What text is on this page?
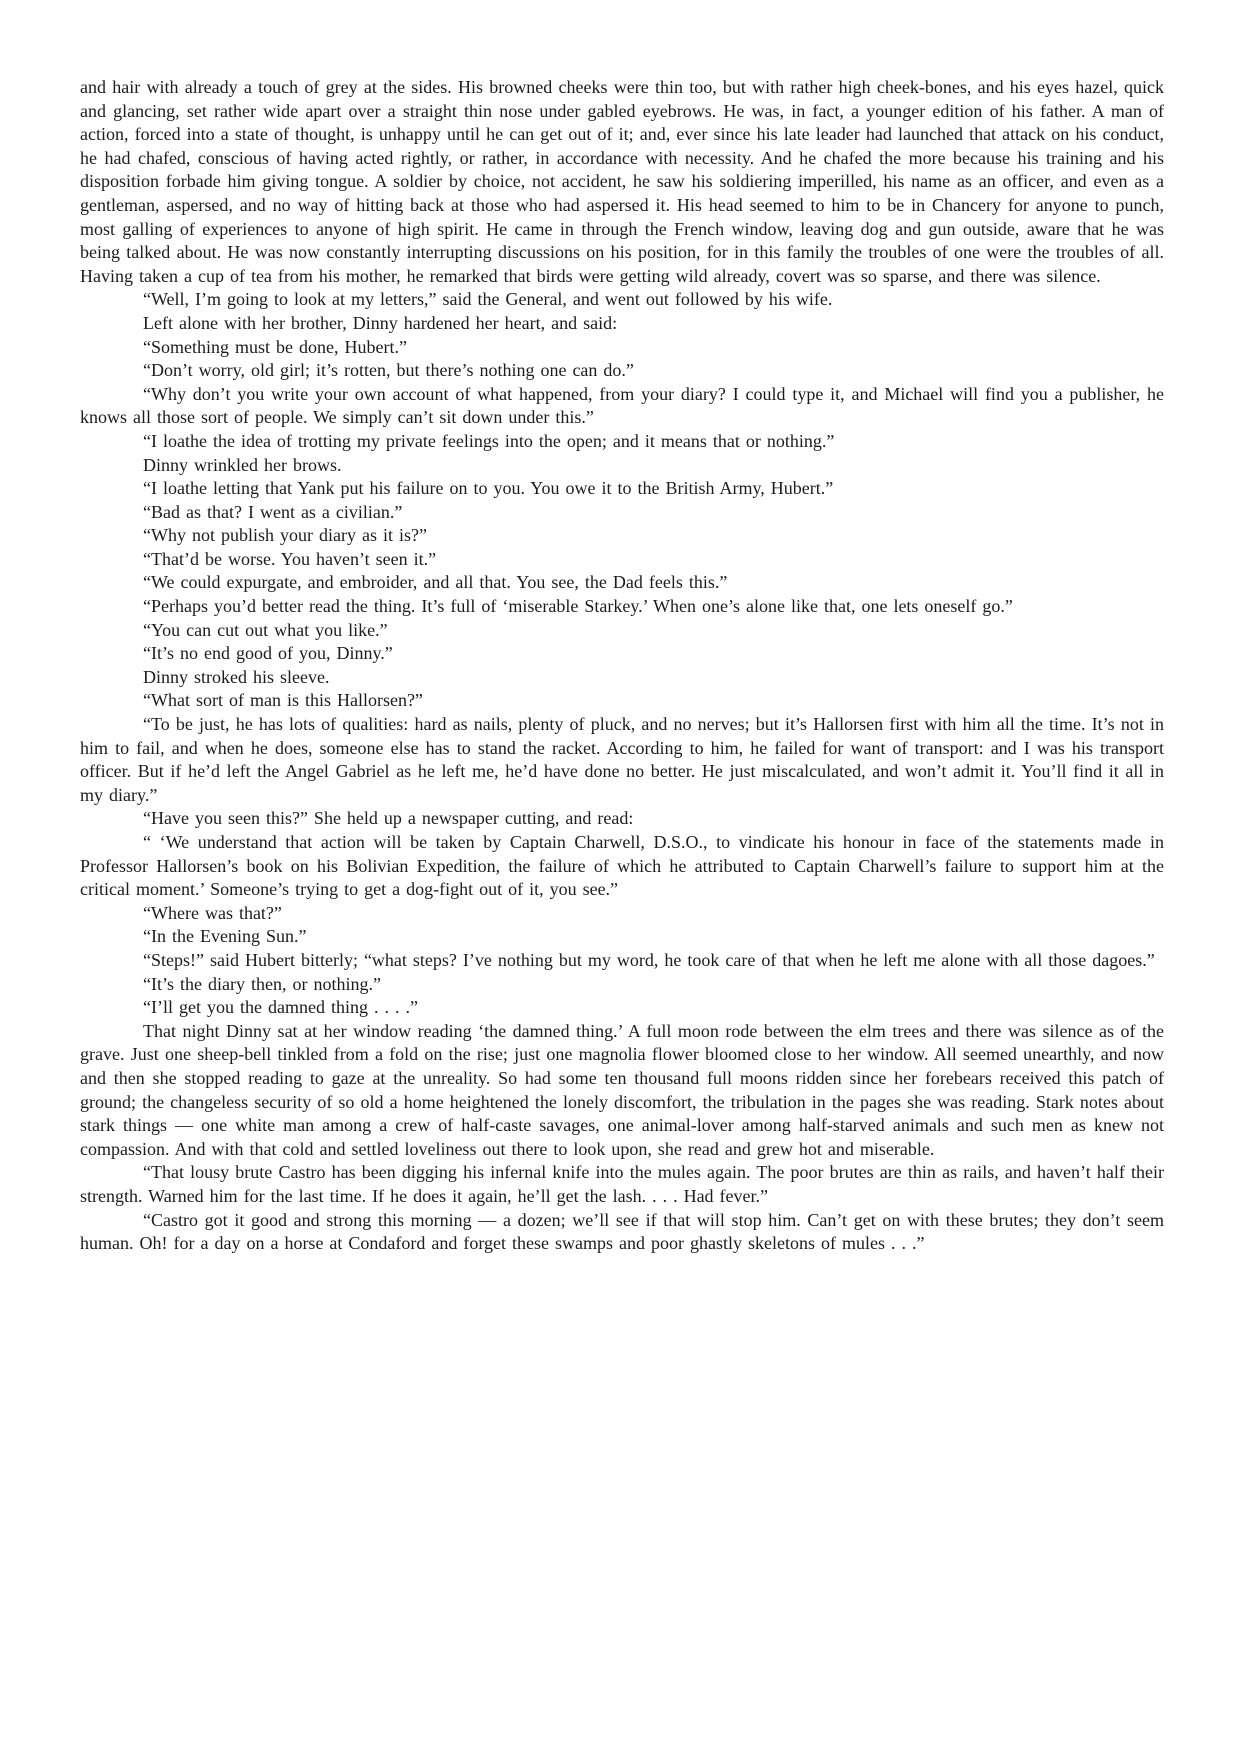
and hair with already a touch of grey at the sides. His browned cheeks were thin too, but with rather high cheek-bones, and his eyes hazel, quick and glancing, set rather wide apart over a straight thin nose under gabled eyebrows. He was, in fact, a younger edition of his father. A man of action, forced into a state of thought, is unhappy until he can get out of it; and, ever since his late leader had launched that attack on his conduct, he had chafed, conscious of having acted rightly, or rather, in accordance with necessity. And he chafed the more because his training and his disposition forbade him giving tongue. A soldier by choice, not accident, he saw his soldiering imperilled, his name as an officer, and even as a gentleman, aspersed, and no way of hitting back at those who had aspersed it. His head seemed to him to be in Chancery for anyone to punch, most galling of experiences to anyone of high spirit. He came in through the French window, leaving dog and gun outside, aware that he was being talked about. He was now constantly interrupting discussions on his position, for in this family the troubles of one were the troubles of all. Having taken a cup of tea from his mother, he remarked that birds were getting wild already, covert was so sparse, and there was silence.

“Well, I’m going to look at my letters,” said the General, and went out followed by his wife.

Left alone with her brother, Dinny hardened her heart, and said:

“Something must be done, Hubert.”

“Don’t worry, old girl; it’s rotten, but there’s nothing one can do.”

“Why don’t you write your own account of what happened, from your diary? I could type it, and Michael will find you a publisher, he knows all those sort of people. We simply can’t sit down under this.”

“I loathe the idea of trotting my private feelings into the open; and it means that or nothing.”

Dinny wrinkled her brows.

“I loathe letting that Yank put his failure on to you. You owe it to the British Army, Hubert.”

“Bad as that? I went as a civilian.”

“Why not publish your diary as it is?”

“That’d be worse. You haven’t seen it.”

“We could expurgate, and embroider, and all that. You see, the Dad feels this.”

“Perhaps you’d better read the thing. It’s full of ‘miserable Starkey.’ When one’s alone like that, one lets oneself go.”

“You can cut out what you like.”

“It’s no end good of you, Dinny.”

Dinny stroked his sleeve.

“What sort of man is this Hallorsen?”

“To be just, he has lots of qualities: hard as nails, plenty of pluck, and no nerves; but it’s Hallorsen first with him all the time. It’s not in him to fail, and when he does, someone else has to stand the racket. According to him, he failed for want of transport: and I was his transport officer. But if he’d left the Angel Gabriel as he left me, he’d have done no better. He just miscalculated, and won’t admit it. You’ll find it all in my diary.”

“Have you seen this?” She held up a newspaper cutting, and read:

“ ‘We understand that action will be taken by Captain Charwell, D.S.O., to vindicate his honour in face of the statements made in Professor Hallorsen’s book on his Bolivian Expedition, the failure of which he attributed to Captain Charwell’s failure to support him at the critical moment.’ Someone’s trying to get a dog-fight out of it, you see.”

“Where was that?”

“In the Evening Sun.”

“Steps!” said Hubert bitterly; “what steps? I’ve nothing but my word, he took care of that when he left me alone with all those dagoes.”

“It’s the diary then, or nothing.”

“I’ll get you the damned thing . . . .”

That night Dinny sat at her window reading ‘the damned thing.’ A full moon rode between the elm trees and there was silence as of the grave. Just one sheep-bell tinkled from a fold on the rise; just one magnolia flower bloomed close to her window. All seemed unearthly, and now and then she stopped reading to gaze at the unreality. So had some ten thousand full moons ridden since her forebears received this patch of ground; the changeless security of so old a home heightened the lonely discomfort, the tribulation in the pages she was reading. Stark notes about stark things — one white man among a crew of half-caste savages, one animal-lover among half-starved animals and such men as knew not compassion. And with that cold and settled loveliness out there to look upon, she read and grew hot and miserable.

“That lousy brute Castro has been digging his infernal knife into the mules again. The poor brutes are thin as rails, and haven’t half their strength. Warned him for the last time. If he does it again, he’ll get the lash. . . . Had fever.”

“Castro got it good and strong this morning — a dozen; we’ll see if that will stop him. Can’t get on with these brutes; they don’t seem human. Oh! for a day on a horse at Condaford and forget these swamps and poor ghastly skeletons of mules . . .”
